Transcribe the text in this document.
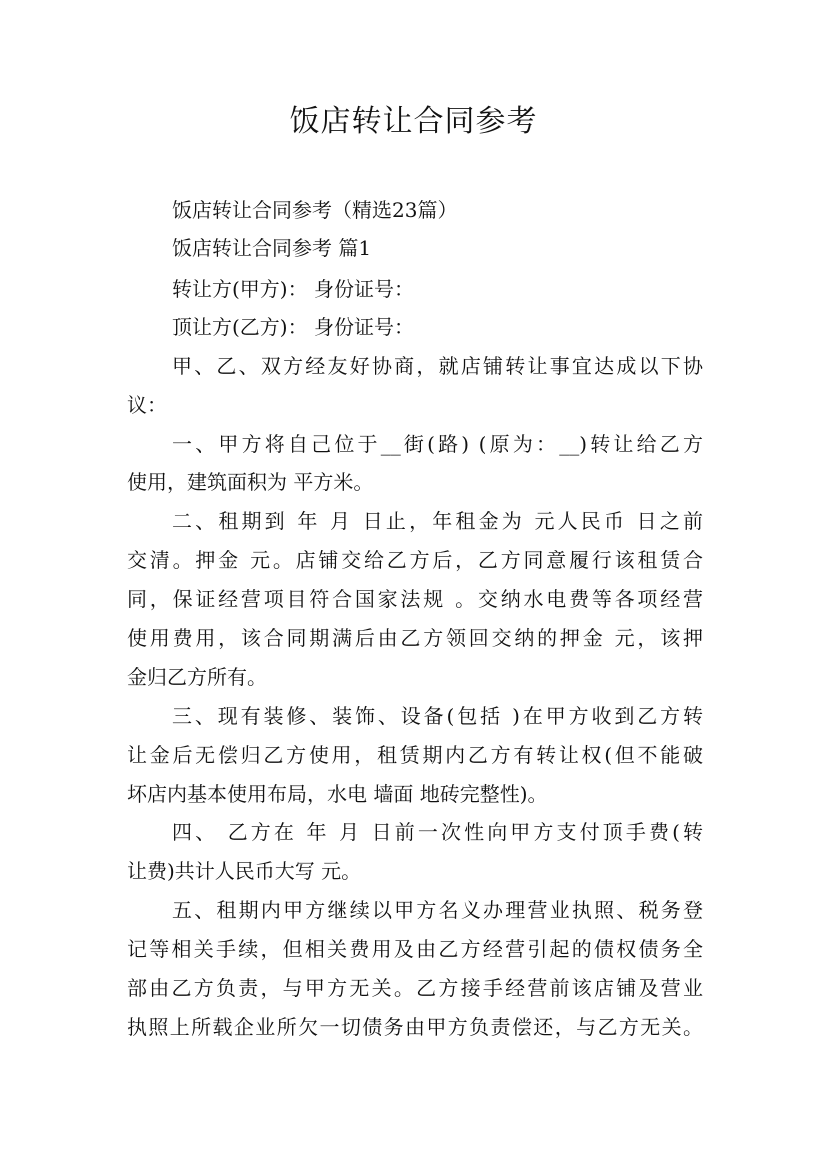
饭店转让合同参考
饭店转让合同参考（精选23篇）
饭店转让合同参考 篇1
转让方(甲方)： 身份证号：
顶让方(乙方)： 身份证号：
甲、乙、双方经友好协商，就店铺转让事宜达成以下协
议：
一、甲方将自己位于__街(路) (原为：__)转让给乙方
使用，建筑面积为 平方米。
二、租期到 年 月 日止，年租金为 元人民币 日之前
交清。押金 元。店铺交给乙方后，乙方同意履行该租赁合
同，保证经营项目符合国家法规 。交纳水电费等各项经营
使用费用，该合同期满后由乙方领回交纳的押金 元，该押
金归乙方所有。
三、现有装修、装饰、设备(包括 )在甲方收到乙方转
让金后无偿归乙方使用，租赁期内乙方有转让权(但不能破
坏店内基本使用布局，水电 墙面 地砖完整性)。
四、 乙方在 年 月 日前一次性向甲方支付顶手费(转
让费)共计人民币大写 元。
五、租期内甲方继续以甲方名义办理营业执照、税务登
记等相关手续，但相关费用及由乙方经营引起的债权债务全
部由乙方负责，与甲方无关。乙方接手经营前该店铺及营业
执照上所载企业所欠一切债务由甲方负责偿还，与乙方无关。
